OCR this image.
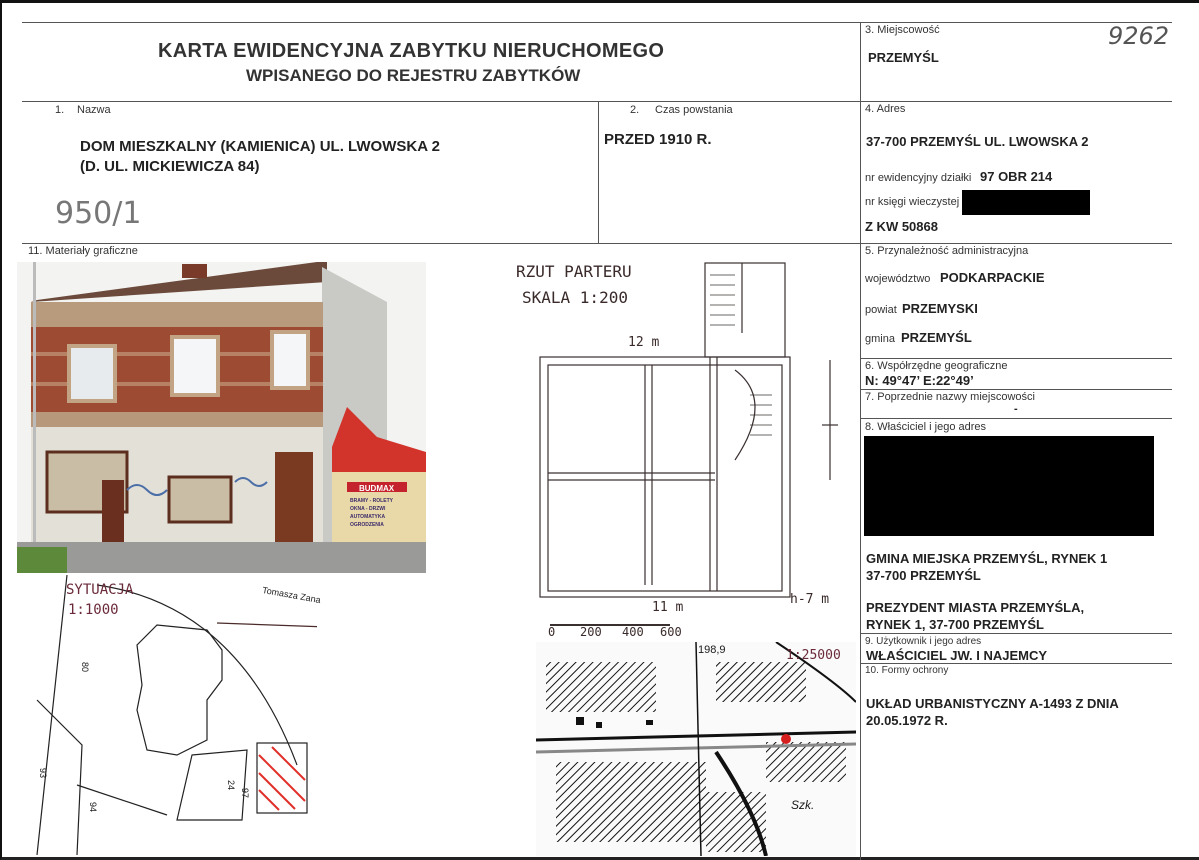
KARTA EWIDENCYJNA ZABYTKU NIERUCHOMEGO
WPISANEGO DO REJESTRU ZABYTKÓW
3. Miejscowość
PRZEMYŚL
9262
1. Nazwa
DOM MIESZKALNY (KAMIENICA) UL. LWOWSKA 2
(D. UL. MICKIEWICZA 84)
950/1
2. Czas powstania
PRZED 1910 R.
4. Adres
37-700 PRZEMYŚL UL. LWOWSKA 2
nr ewidencyjny działki 97 OBR 214
nr księgi wieczystej
Z KW 50868
11. Materiały graficzne	5. Przynależność administracyjna
województwo PODKARPACKIE
powiat PRZEMYSKI
gmina PRZEMYŚL
6. Współrzędne geograficzne
N: 49°47’ E:22°49’
7. Poprzednie nazwy miejscowości
-
8. Właściciel i jego adres
GMINA MIEJSKA PRZEMYŚL, RYNEK 1
37-700 PRZEMYŚL
PREZYDENT MIASTA PRZEMYŚLA,
RYNEK 1, 37-700 PRZEMYŚL
9. Użytkownik i jego adres
WŁAŚCICIEL JW. I NAJEMCY
10. Formy ochrony
UKŁAD URBANISTYCZNY A-1493 Z DNIA
20.05.1972 R.
BUDMAX
BRAMY - ROLETY
OKNA - DRZWI
AUTOMATYKA
OGRODZENIA
RZUT PARTERU
SKALA 1:200
12 m
11 m
h-7 m
0 200 400 600
SYTUACJA
1:1000
Tomasza Zana
80
93
94
97
24
198,9	1:25000
Szk.
